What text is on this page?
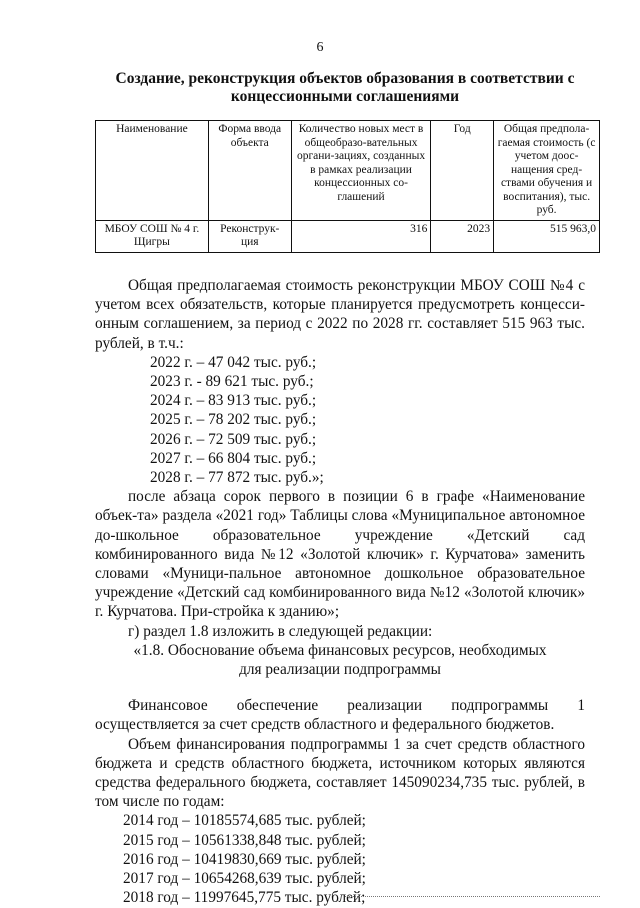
6
Создание, реконструкция объектов образования в соответствии с
концессионными соглашениями
Наименование	Форма ввода объекта	Количество новых мест в общеобразо-вательных органи-зациях, созданных в рамках реализации концессионных со-глашений	Год	Общая предпола-гаемая стоимость (с учетом доос-нащения сред-ствами обучения и воспитания), тыс. руб.
МБОУ СОШ № 4 г. Щигры	Реконструк-ция	316	2023	515 963,0

Общая предполагаемая стоимость реконструкции МБОУ СОШ №4 с учетом всех обязательств, которые планируется предусмотреть концесси-онным соглашением, за период с 2022 по 2028 гг. составляет 515 963 тыс. рублей, в т.ч.:

2022 г. – 47 042 тыс. руб.;

2023 г. - 89 621 тыс. руб.;

2024 г. – 83 913 тыс. руб.;

2025 г. – 78 202 тыс. руб.;

2026 г. – 72 509 тыс. руб.;

2027 г. – 66 804 тыс. руб.;

2028 г. – 77 872 тыс. руб.»;

после абзаца сорок первого в позиции 6 в графе «Наименование объек-та» раздела «2021 год» Таблицы слова «Муниципальное автономное до-школьное образовательное учреждение «Детский сад комбинированного вида №12 «Золотой ключик» г. Курчатова» заменить словами «Муници-пальное автономное дошкольное образовательное учреждение «Детский сад комбинированного вида №12 «Золотой ключик» г. Курчатова. При-стройка к зданию»;

г) раздел 1.8 изложить в следующей редакции:

«1.8. Обоснование объема финансовых ресурсов, необходимых

для реализации подпрограммы

Финансовое обеспечение реализации подпрограммы 1 осуществляется за счет средств областного и федерального бюджетов.

Объем финансирования подпрограммы 1 за счет средств областного бюджета и средств областного бюджета, источником которых являются средства федерального бюджета, составляет 145090234,735 тыс. рублей, в том числе по годам:

2014 год – 10185574,685 тыс. рублей;

2015 год – 10561338,848 тыс. рублей;

2016 год – 10419830,669 тыс. рублей;

2017 год – 10654268,639 тыс. рублей;

2018 год – 11997645,775 тыс. рублей;
